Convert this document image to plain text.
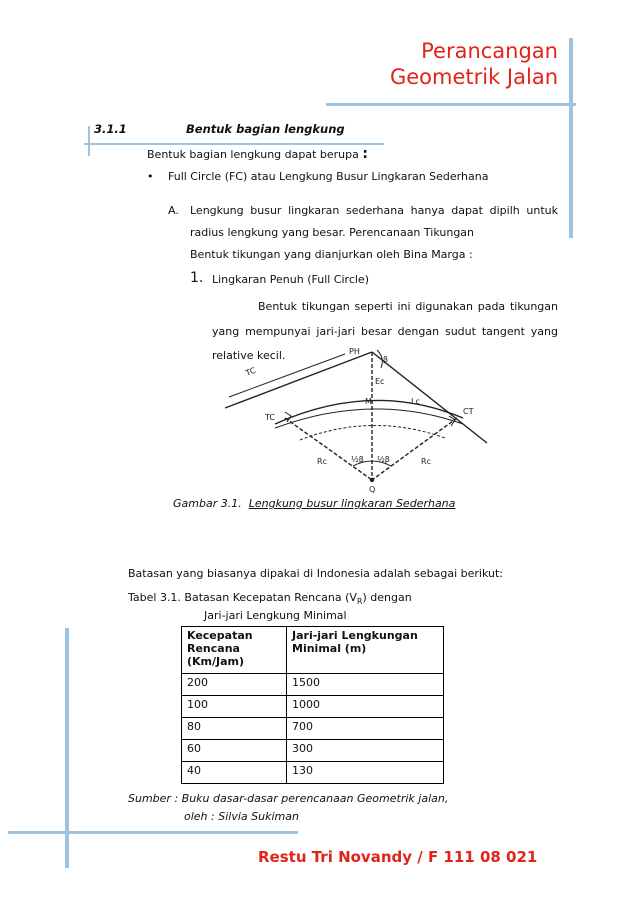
Perancangan
Geometrik Jalan
3.1.1	Bentuk bagian lengkung
Bentuk bagian lengkung dapat berupa :
• Full Circle (FC) atau Lengkung Busur Lingkaran Sederhana
A. Lengkung busur lingkaran sederhana hanya dapat dipilh untuk
radius lengkung yang besar. Perencanaan Tikungan
Bentuk tikungan yang dianjurkan oleh Bina Marga :
1. Lingkaran Penuh (Full Circle)
Bentuk tikungan seperti ini digunakan pada tikungan
yang mempunyai jari-jari besar dengan sudut tangent yang
relative kecil.
TC
PH
β
Ec
M	Lc
TC
CT
Rc	Rc
½β ½β
Q
Gambar 3.1. Lengkung busur lingkaran Sederhana
Batasan yang biasanya dipakai di Indonesia adalah sebagai berikut:
Tabel 3.1. Batasan Kecepatan Rencana $(V_R)$ dengan
Jari-jari Lengkung Minimal
Kecepatan Rencana (Km/Jam)	Jari-jari Lengkungan Minimal (m)
200	1500
100	1000
80	700
60	300
40	130
Sumber : Buku dasar-dasar perencanaan Geometrik jalan,
oleh : Silvia Sukiman
Restu Tri Novandy / F 111 08 021
